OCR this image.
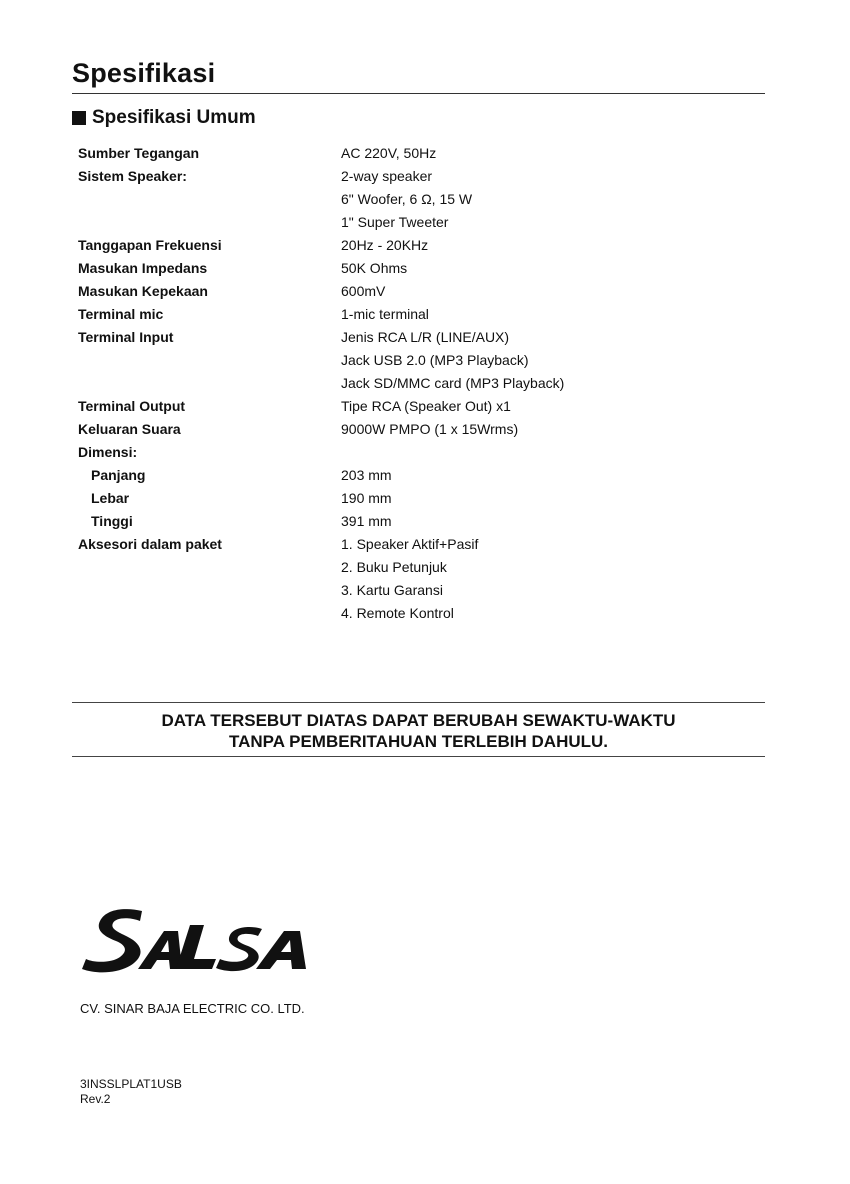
Spesifikasi
Spesifikasi Umum
Sumber Tegangan	AC 220V, 50Hz
Sistem Speaker:	2-way speaker
	6" Woofer, 6 Ω, 15 W
	1" Super Tweeter
Tanggapan Frekuensi	20Hz - 20KHz
Masukan Impedans	50K Ohms
Masukan Kepekaan	600mV
Terminal mic	1-mic terminal
Terminal Input	Jenis RCA L/R (LINE/AUX)
	Jack USB 2.0 (MP3 Playback)
	Jack SD/MMC card (MP3 Playback)
Terminal Output	Tipe RCA (Speaker Out) x1
Keluaran Suara	9000W PMPO (1 x 15Wrms)
Dimensi:	
Panjang	203 mm
Lebar	190 mm
Tinggi	391 mm
Aksesori dalam paket	1. Speaker Aktif+Pasif
	2. Buku Petunjuk
	3. Kartu Garansi
	4. Remote Kontrol
DATA TERSEBUT DIATAS DAPAT BERUBAH SEWAKTU-WAKTU
TANPA PEMBERITAHUAN TERLEBIH DAHULU.
CV. SINAR BAJA ELECTRIC CO. LTD.
3INSSLPLAT1USB
Rev.2
